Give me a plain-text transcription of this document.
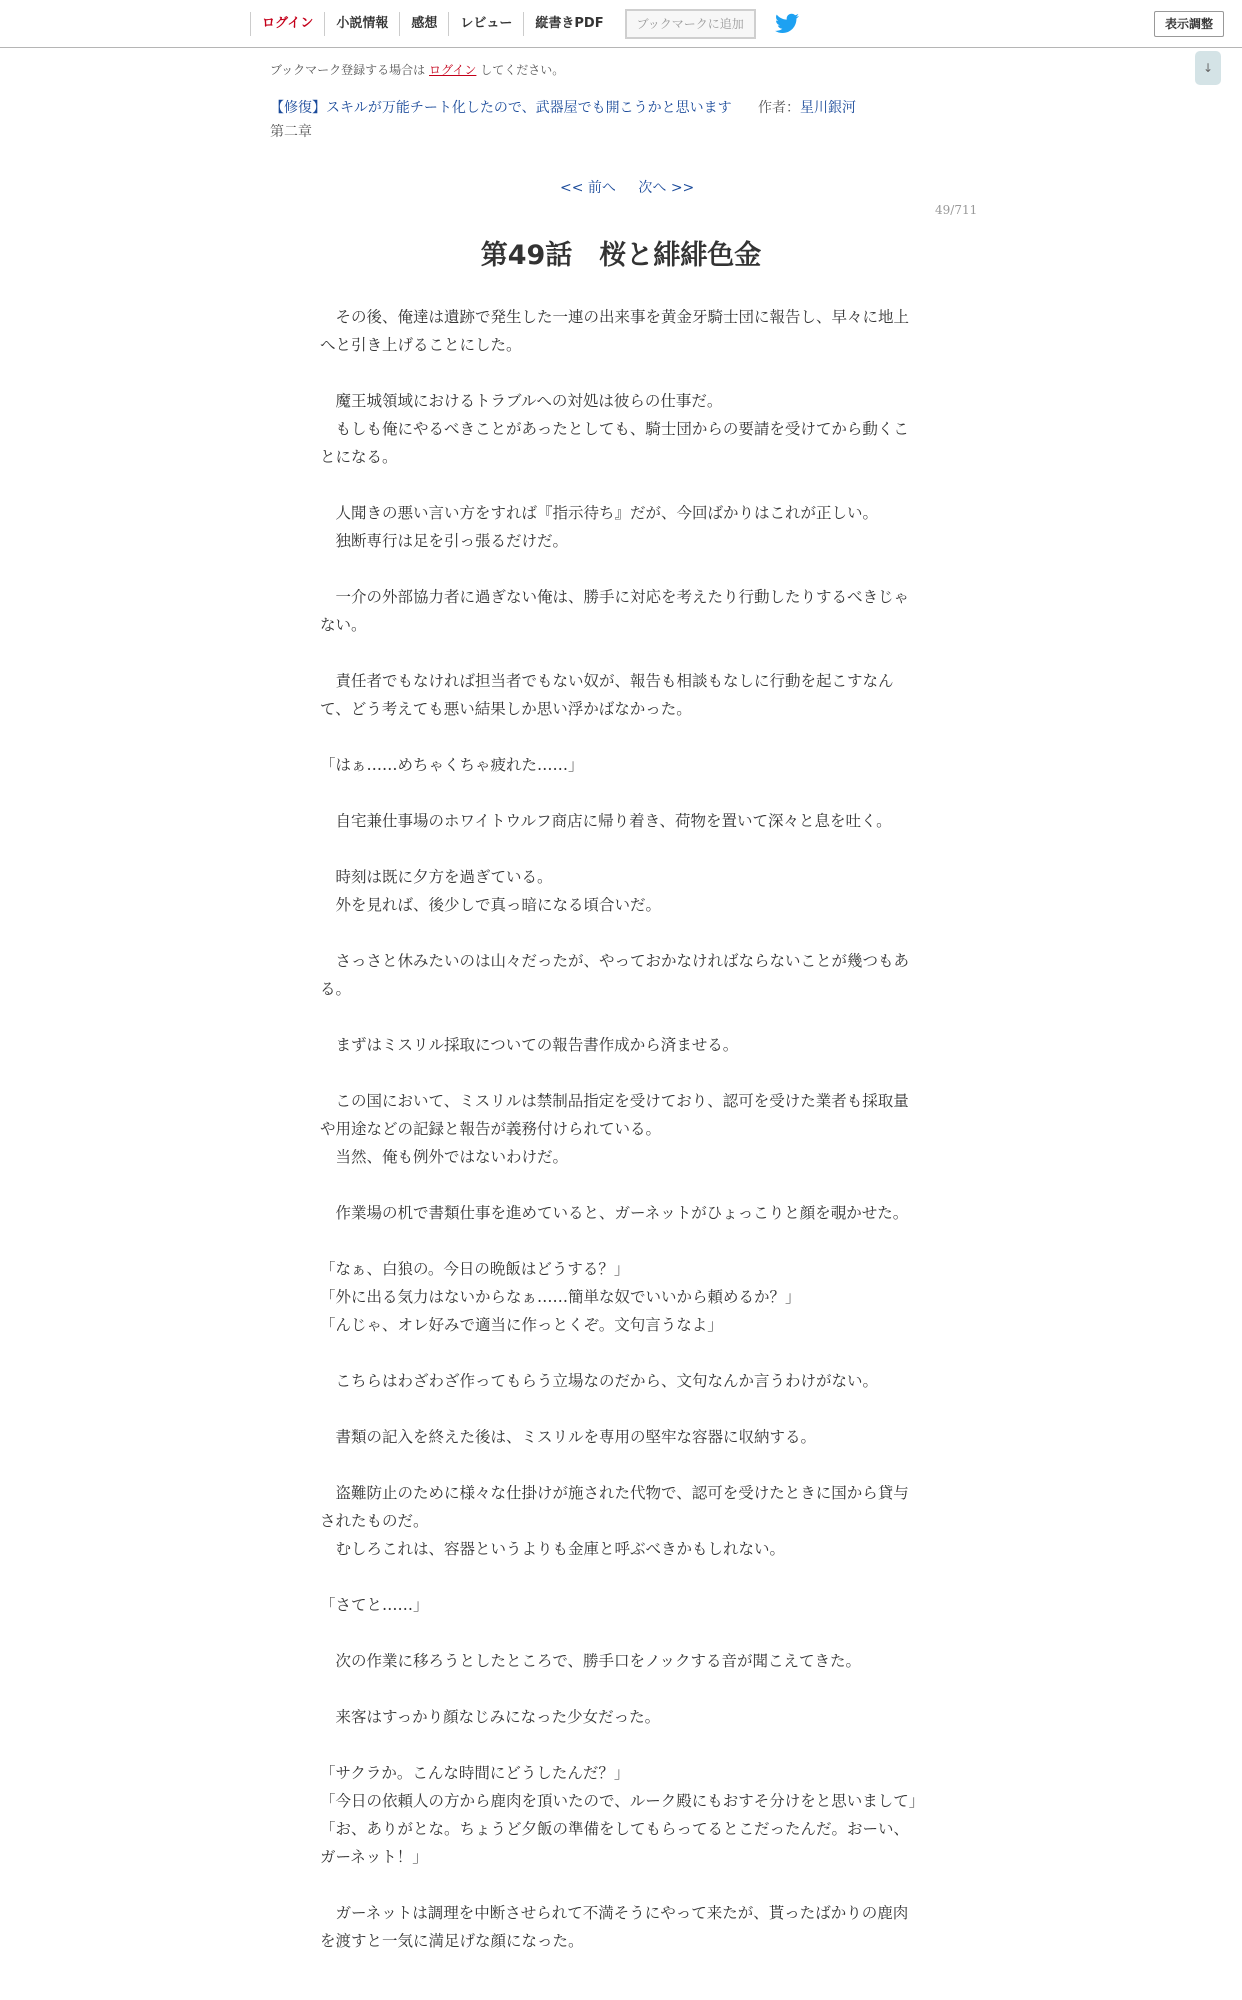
ログイン	小説情報	感想	レビュー	縦書きPDF	ブックマークに追加	表示調整
↓
ブックマーク登録する場合は ログイン してください。
【修復】スキルが万能チート化したので、武器屋でも開こうかと思います 作者：星川銀河
第二章
<< 前へ 次へ >>
49/711
第49話　桜と緋緋色金

　その後、俺達は遺跡で発生した一連の出来事を黄金牙騎士団に報告し、早々に地上へと引き上げることにした。

　魔王城領域におけるトラブルへの対処は彼らの仕事だ。

　もしも俺にやるべきことがあったとしても、騎士団からの要請を受けてから動くことになる。

　人聞きの悪い言い方をすれば『指示待ち』だが、今回ばかりはこれが正しい。

　独断専行は足を引っ張るだけだ。

　一介の外部協力者に過ぎない俺は、勝手に対応を考えたり行動したりするべきじゃない。

　責任者でもなければ担当者でもない奴が、報告も相談もなしに行動を起こすなんて、どう考えても悪い結果しか思い浮かばなかった。

「はぁ……めちゃくちゃ疲れた……」

　自宅兼仕事場のホワイトウルフ商店に帰り着き、荷物を置いて深々と息を吐く。

　時刻は既に夕方を過ぎている。

　外を見れば、後少しで真っ暗になる頃合いだ。

　さっさと休みたいのは山々だったが、やっておかなければならないことが幾つもある。

　まずはミスリル採取についての報告書作成から済ませる。

　この国において、ミスリルは禁制品指定を受けており、認可を受けた業者も採取量や用途などの記録と報告が義務付けられている。

　当然、俺も例外ではないわけだ。

　作業場の机で書類仕事を進めていると、ガーネットがひょっこりと顔を覗かせた。

「なぁ、白狼の。今日の晩飯はどうする？」

「外に出る気力はないからなぁ……簡単な奴でいいから頼めるか？」

「んじゃ、オレ好みで適当に作っとくぞ。文句言うなよ」

　こちらはわざわざ作ってもらう立場なのだから、文句なんか言うわけがない。

　書類の記入を終えた後は、ミスリルを専用の堅牢な容器に収納する。

　盗難防止のために様々な仕掛けが施された代物で、認可を受けたときに国から貸与されたものだ。

　むしろこれは、容器というよりも金庫と呼ぶべきかもしれない。

「さてと……」

　次の作業に移ろうとしたところで、勝手口をノックする音が聞こえてきた。

　来客はすっかり顔なじみになった少女だった。

「サクラか。こんな時間にどうしたんだ？」

「今日の依頼人の方から鹿肉を頂いたので、ルーク殿にもおすそ分けをと思いまして」

「お、ありがとな。ちょうど夕飯の準備をしてもらってるとこだったんだ。おーい、ガーネット！」

　ガーネットは調理を中断させられて不満そうにやって来たが、貰ったばかりの鹿肉を渡すと一気に満足げな顔になった。
